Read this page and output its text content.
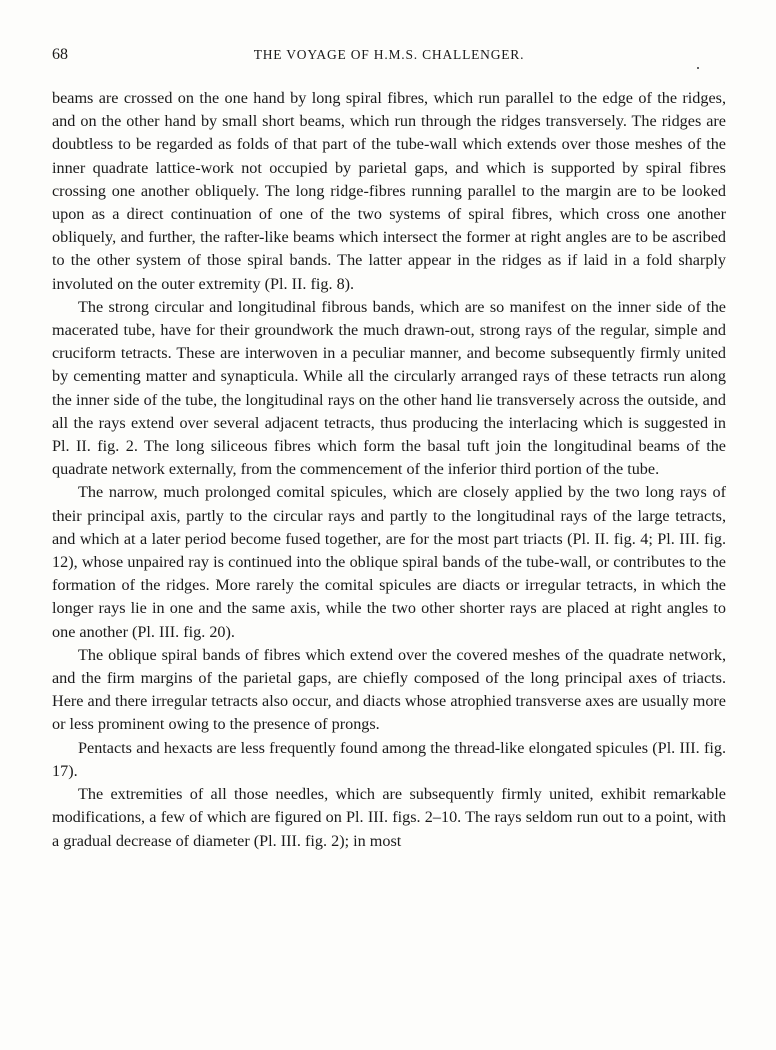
68	THE VOYAGE OF H.M.S. CHALLENGER.

beams are crossed on the one hand by long spiral fibres, which run parallel to the edge of the ridges, and on the other hand by small short beams, which run through the ridges transversely. The ridges are doubtless to be regarded as folds of that part of the tube-wall which extends over those meshes of the inner quadrate lattice-work not occupied by parietal gaps, and which is supported by spiral fibres crossing one another obliquely. The long ridge-fibres running parallel to the margin are to be looked upon as a direct continuation of one of the two systems of spiral fibres, which cross one another obliquely, and further, the rafter-like beams which intersect the former at right angles are to be ascribed to the other system of those spiral bands. The latter appear in the ridges as if laid in a fold sharply involuted on the outer extremity (Pl. II. fig. 8).

The strong circular and longitudinal fibrous bands, which are so manifest on the inner side of the macerated tube, have for their groundwork the much drawn-out, strong rays of the regular, simple and cruciform tetracts. These are interwoven in a peculiar manner, and become subsequently firmly united by cementing matter and synapticula. While all the circularly arranged rays of these tetracts run along the inner side of the tube, the longitudinal rays on the other hand lie transversely across the outside, and all the rays extend over several adjacent tetracts, thus producing the interlacing which is suggested in Pl. II. fig. 2. The long siliceous fibres which form the basal tuft join the longitudinal beams of the quadrate network externally, from the commencement of the inferior third portion of the tube.

The narrow, much prolonged comital spicules, which are closely applied by the two long rays of their principal axis, partly to the circular rays and partly to the longitudinal rays of the large tetracts, and which at a later period become fused together, are for the most part triacts (Pl. II. fig. 4; Pl. III. fig. 12), whose unpaired ray is continued into the oblique spiral bands of the tube-wall, or contributes to the formation of the ridges. More rarely the comital spicules are diacts or irregular tetracts, in which the longer rays lie in one and the same axis, while the two other shorter rays are placed at right angles to one another (Pl. III. fig. 20).

The oblique spiral bands of fibres which extend over the covered meshes of the quadrate network, and the firm margins of the parietal gaps, are chiefly composed of the long principal axes of triacts. Here and there irregular tetracts also occur, and diacts whose atrophied transverse axes are usually more or less prominent owing to the presence of prongs.

Pentacts and hexacts are less frequently found among the thread-like elongated spicules (Pl. III. fig. 17).

The extremities of all those needles, which are subsequently firmly united, exhibit remarkable modifications, a few of which are figured on Pl. III. figs. 2–10. The rays seldom run out to a point, with a gradual decrease of diameter (Pl. III. fig. 2); in most
